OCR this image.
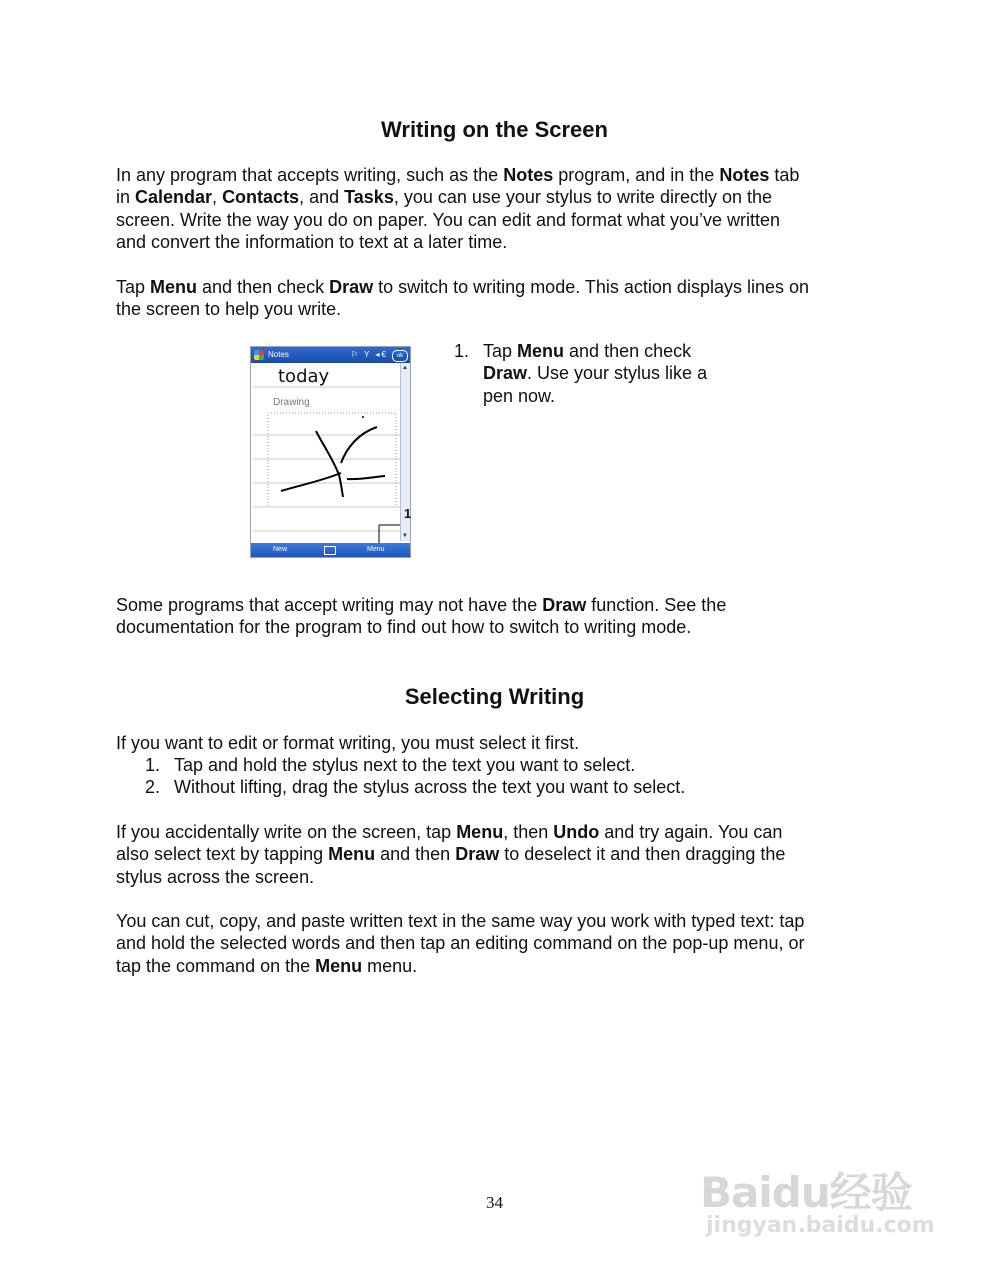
Writing on the Screen
In any program that accepts writing, such as the Notes program, and in the Notes tab
in Calendar, Contacts, and Tasks, you can use your stylus to write directly on the
screen. Write the way you do on paper. You can edit and format what you’ve written
and convert the information to text at a later time.
Tap Menu and then check Draw to switch to writing mode. This action displays lines on
the screen to help you write.
Notes	⚐ Y ◂€	ok
today
Drawing
▲
▼
New	Menu
1
1. Tap Menu and then check
Draw. Use your stylus like a
pen now.
Some programs that accept writing may not have the Draw function. See the
documentation for the program to find out how to switch to writing mode.
Selecting Writing
If you want to edit or format writing, you must select it first.
1. Tap and hold the stylus next to the text you want to select.
2. Without lifting, drag the stylus across the text you want to select.
If you accidentally write on the screen, tap Menu, then Undo and try again. You can
also select text by tapping Menu and then Draw to deselect it and then dragging the
stylus across the screen.
You can cut, copy, and paste written text in the same way you work with typed text: tap
and hold the selected words and then tap an editing command on the pop-up menu, or
tap the command on the Menu menu.
34	Baidu经验
jingyan.baidu.com
